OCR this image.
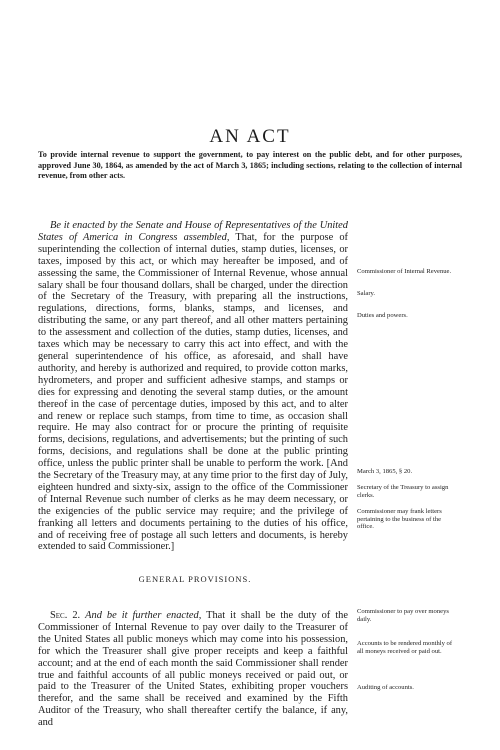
AN ACT
To provide internal revenue to support the government, to pay interest on the public debt, and for other purposes, approved June 30, 1864, as amended by the act of March 3, 1865; including sections, relating to the collection of internal revenue, from other acts.

Be it enacted by the Senate and House of Representatives of the United States of America in Congress assembled, That, for the purpose of superintending the collection of internal duties, stamp duties, licenses, or taxes, imposed by this act, or which may hereafter be imposed, and of assessing the same, the Commissioner of Internal Revenue, whose annual salary shall be four thousand dollars, shall be charged, under the direction of the Secretary of the Treasury, with preparing all the instructions, regulations, directions, forms, blanks, stamps, and licenses, and distributing the same, or any part thereof, and all other matters pertaining to the assessment and collection of the duties, stamp duties, licenses, and taxes which may be necessary to carry this act into effect, and with the general superintendence of his office, as aforesaid, and shall have authority, and hereby is authorized and required, to provide cotton marks, hydrometers, and proper and sufficient adhesive stamps, and stamps or dies for expressing and denoting the several stamp duties, or the amount thereof in the case of percentage duties, imposed by this act, and to alter and renew or replace such stamps, from time to time, as occasion shall require. He may also contract for or procure the printing of requisite forms, decisions, regulations, and advertisements; but the printing of such forms, decisions, and regulations shall be done at the public printing office, unless the public printer shall be unable to perform the work. [And the Secretary of the Treasury may, at any time prior to the first day of July, eighteen hundred and sixty-six, assign to the office of the Commissioner of Internal Revenue such number of clerks as he may deem necessary, or the exigencies of the public service may require; and the privilege of franking all letters and documents pertaining to the duties of his office, and of receiving free of postage all such letters and documents, is hereby extended to said Commissioner.]

GENERAL PROVISIONS.

Sec. 2. And be it further enacted, That it shall be the duty of the Commissioner of Internal Revenue to pay over daily to the Treasurer of the United States all public moneys which may come into his possession, for which the Treasurer shall give proper receipts and keep a faithful account; and at the end of each month the said Commissioner shall render true and faithful accounts of all public moneys received or paid out, or paid to the Treasurer of the United States, exhibiting proper vouchers therefor, and the same shall be received and examined by the Fifth Auditor of the Treasury, who shall thereafter certify the balance, if any, and

Commissioner of Internal Revenue.

Salary.

Duties and powers.

March 3, 1865, § 20.

Secretary of the Treasury to assign clerks.

Commissioner may frank letters pertaining to the business of the office.

Commissioner to pay over moneys daily.

Accounts to be rendered monthly of all moneys received or paid out.

Auditing of accounts.
